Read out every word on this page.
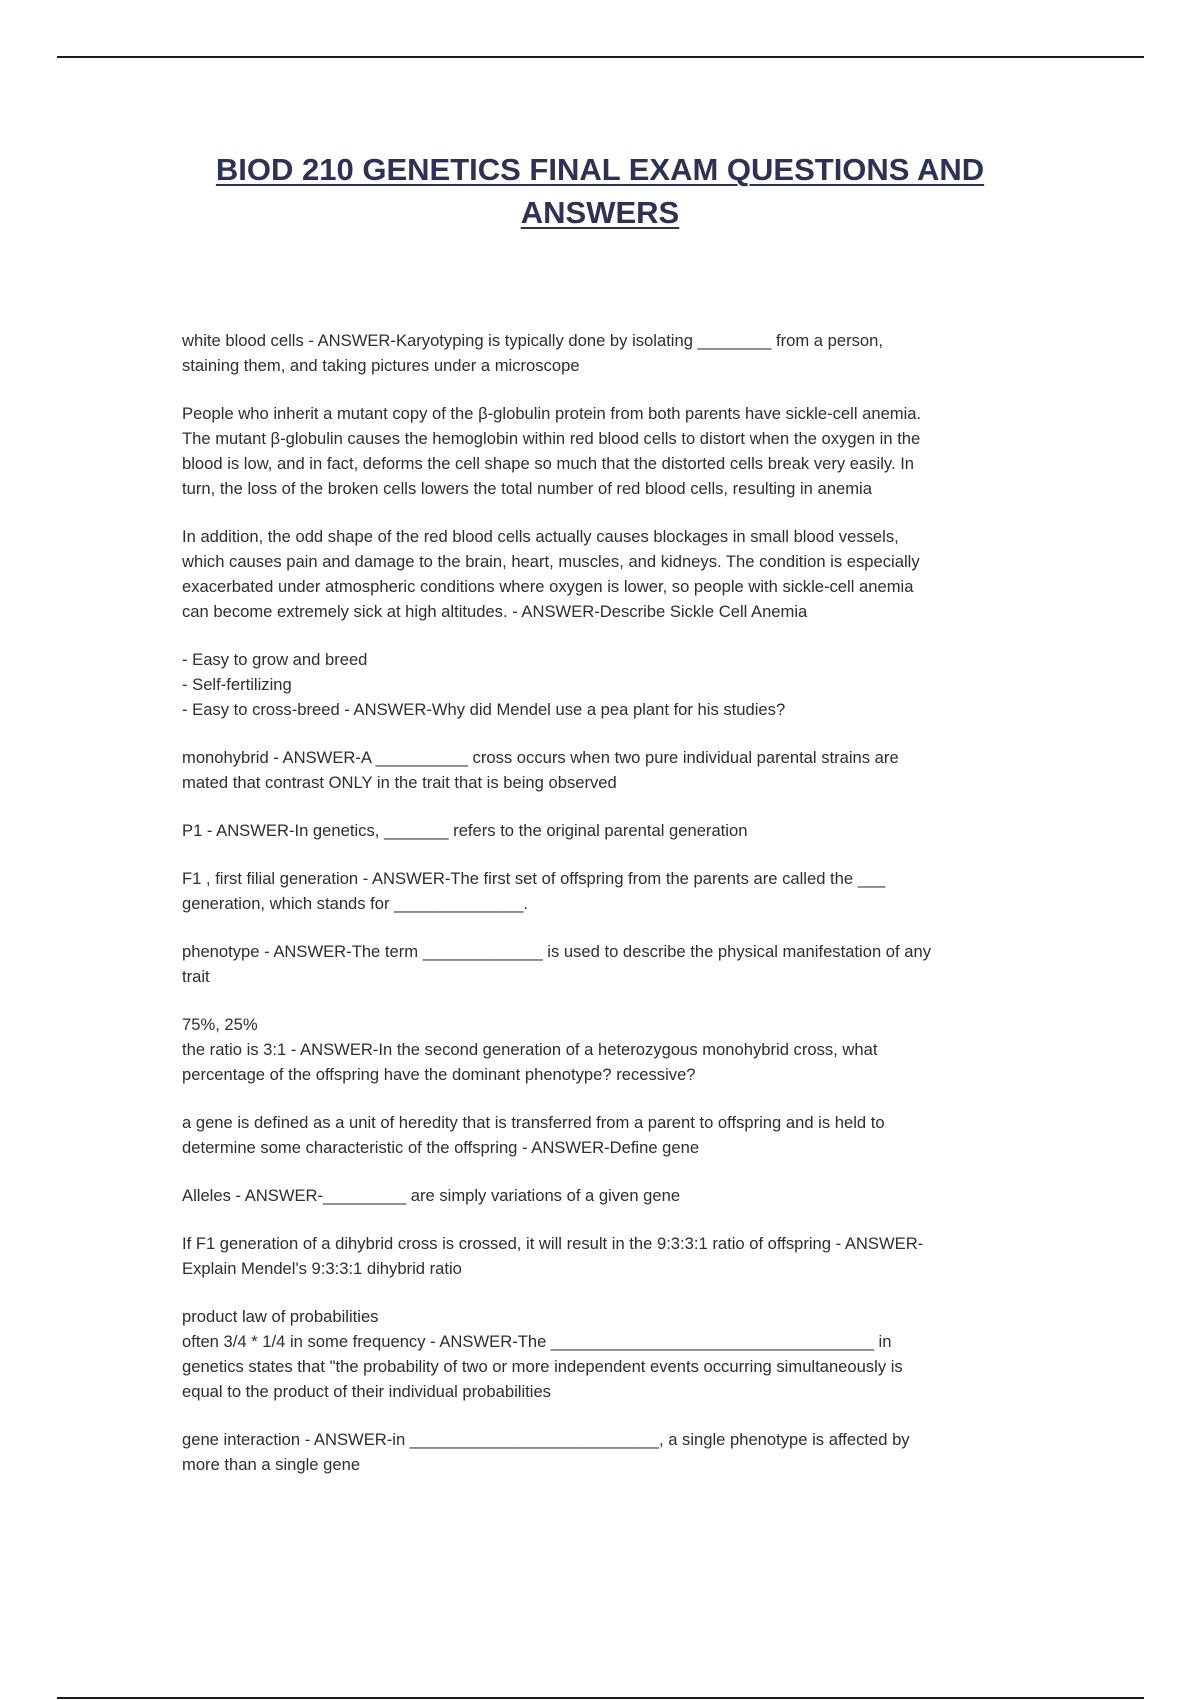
BIOD 210 GENETICS FINAL EXAM QUESTIONS AND
ANSWERS

white blood cells - ANSWER-Karyotyping is typically done by isolating ________ from a person,

staining them, and taking pictures under a microscope

People who inherit a mutant copy of the β-globulin protein from both parents have sickle-cell anemia.

The mutant β-globulin causes the hemoglobin within red blood cells to distort when the oxygen in the

blood is low, and in fact, deforms the cell shape so much that the distorted cells break very easily. In

turn, the loss of the broken cells lowers the total number of red blood cells, resulting in anemia

In addition, the odd shape of the red blood cells actually causes blockages in small blood vessels,

which causes pain and damage to the brain, heart, muscles, and kidneys. The condition is especially

exacerbated under atmospheric conditions where oxygen is lower, so people with sickle-cell anemia

can become extremely sick at high altitudes. - ANSWER-Describe Sickle Cell Anemia

- Easy to grow and breed

- Self-fertilizing

- Easy to cross-breed - ANSWER-Why did Mendel use a pea plant for his studies?

monohybrid - ANSWER-A __________ cross occurs when two pure individual parental strains are

mated that contrast ONLY in the trait that is being observed

P1 - ANSWER-In genetics, _______ refers to the original parental generation

F1 , first filial generation - ANSWER-The first set of offspring from the parents are called the ___

generation, which stands for ______________.

phenotype - ANSWER-The term _____________ is used to describe the physical manifestation of any

trait

75%, 25%

the ratio is 3:1 - ANSWER-In the second generation of a heterozygous monohybrid cross, what

percentage of the offspring have the dominant phenotype? recessive?

a gene is defined as a unit of heredity that is transferred from a parent to offspring and is held to

determine some characteristic of the offspring - ANSWER-Define gene

Alleles - ANSWER-_________ are simply variations of a given gene

If F1 generation of a dihybrid cross is crossed, it will result in the 9:3:3:1 ratio of offspring - ANSWER-

Explain Mendel's 9:3:3:1 dihybrid ratio

product law of probabilities

often 3/4 * 1/4 in some frequency - ANSWER-The ___________________________________ in

genetics states that "the probability of two or more independent events occurring simultaneously is

equal to the product of their individual probabilities

gene interaction - ANSWER-in ___________________________, a single phenotype is affected by

more than a single gene
